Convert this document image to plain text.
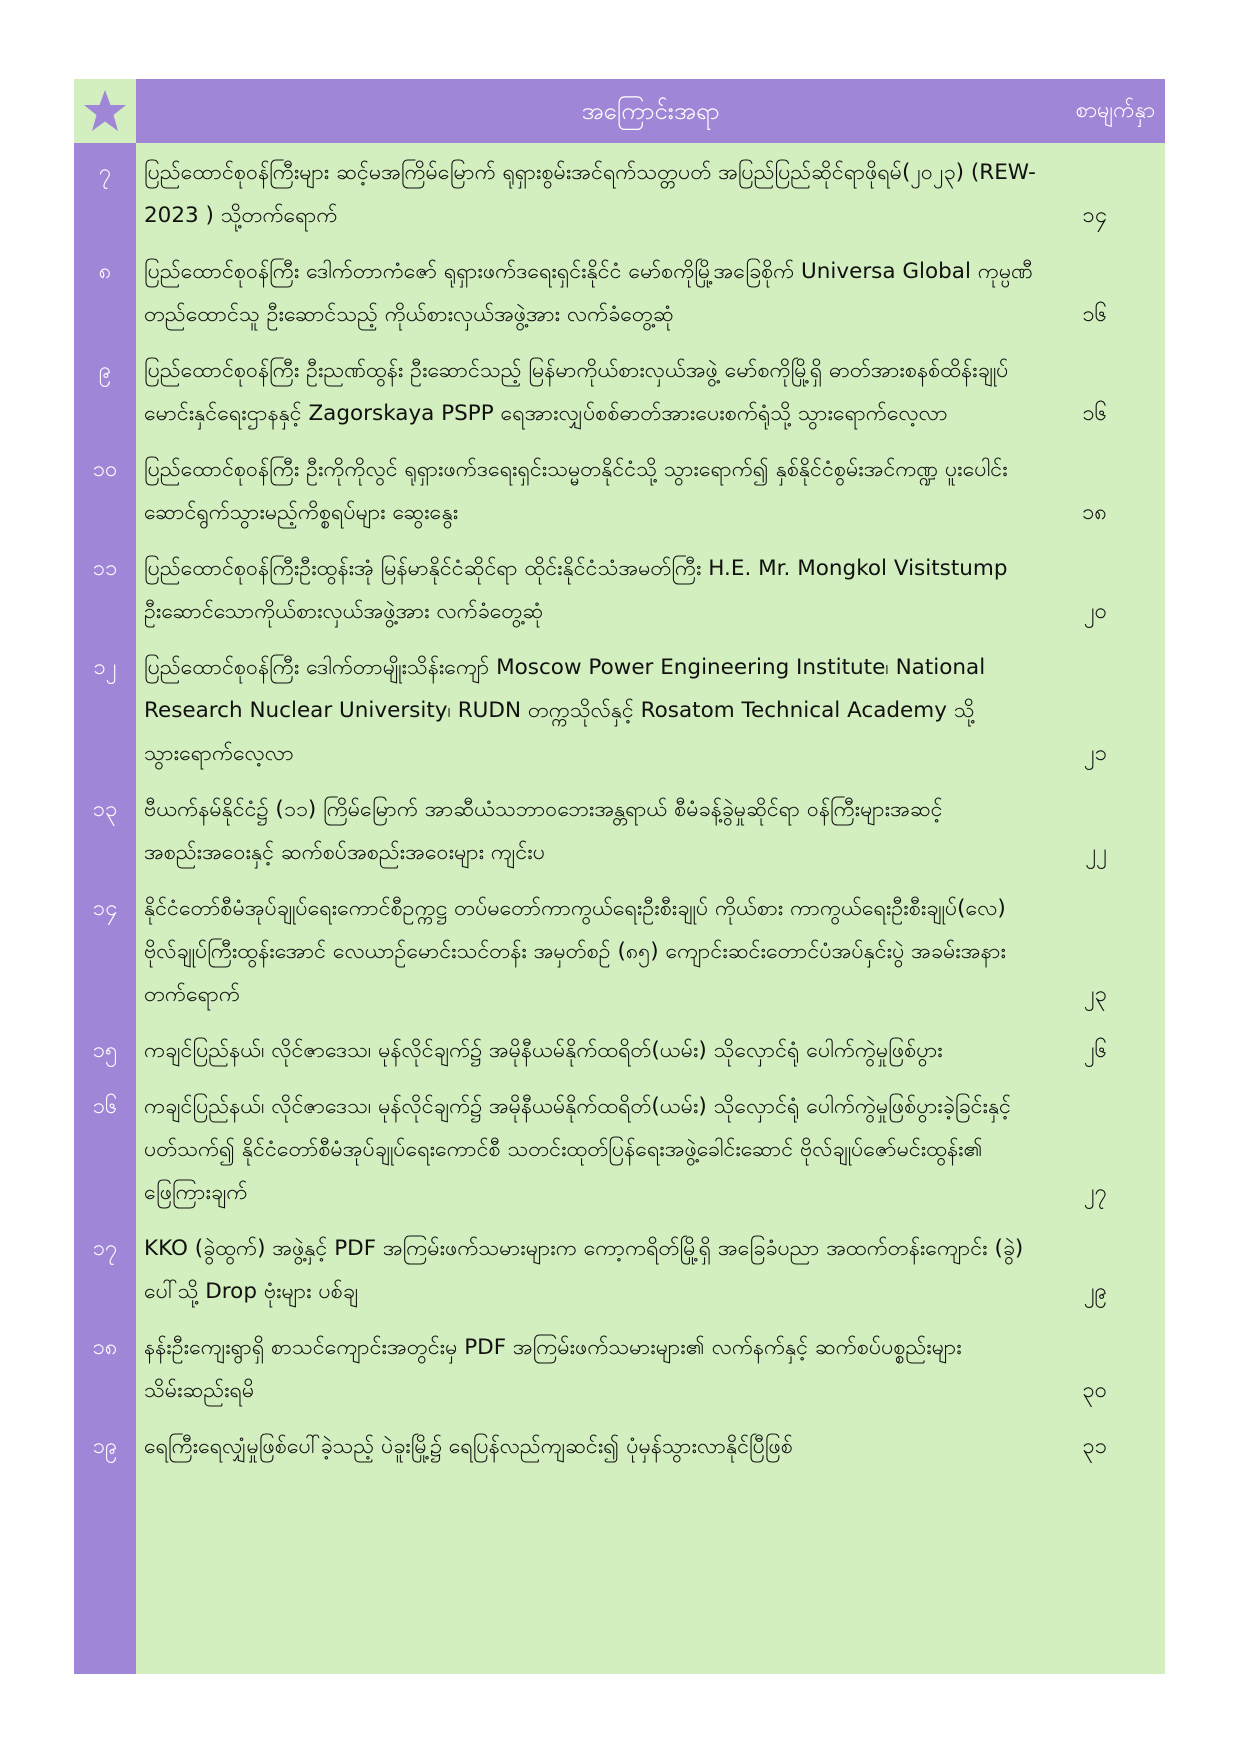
အကြောင်းအရာ	စာမျက်နှာ
၇	ပြည်ထောင်စုဝန်ကြီးများ ဆင့်မအကြိမ်မြောက် ရုရှားစွမ်းအင်ရက်သတ္တပတ် အပြည်ပြည်ဆိုင်ရာဖိုရမ်(၂၀၂၃) (REW-2023 ) သို့တက်ရောက်	၁၄
၈	ပြည်ထောင်စုဝန်ကြီး ဒေါက်တာကံဇော် ရုရှားဖက်ဒရေးရှင်းနိုင်ငံ မော်စကိုမြို့အခြေစိုက် Universa Global ကုမ္ပဏီတည်ထောင်သူ ဦးဆောင်သည့် ကိုယ်စားလှယ်အဖွဲ့အား လက်ခံတွေ့ဆုံ	၁၆
၉	ပြည်ထောင်စုဝန်ကြီး ဦးညဏ်ထွန်း ဦးဆောင်သည့် မြန်မာကိုယ်စားလှယ်အဖွဲ့ မော်စကိုမြို့ရှိ ဓာတ်အားစနစ်ထိန်းချုပ်မောင်းနှင်ရေးဌာနနှင့် Zagorskaya PSPP ရေအားလျှပ်စစ်ဓာတ်အားပေးစက်ရုံသို့ သွားရောက်လေ့လာ	၁၆
၁၀	ပြည်ထောင်စုဝန်ကြီး ဦးကိုကိုလွင် ရုရှားဖက်ဒရေးရှင်းသမ္မတနိုင်ငံသို့ သွားရောက်၍ နှစ်နိုင်ငံစွမ်းအင်ကဏ္ဍ ပူးပေါင်းဆောင်ရွက်သွားမည့်ကိစ္စရပ်များ ဆွေးနွေး	၁၈
၁၁	ပြည်ထောင်စုဝန်ကြီးဦးထွန်းအုံ မြန်မာနိုင်ငံဆိုင်ရာ ထိုင်းနိုင်ငံသံအမတ်ကြီး H.E. Mr. Mongkol Visitstump ဦးဆောင်သောကိုယ်စားလှယ်အဖွဲ့အား လက်ခံတွေ့ဆုံ	၂၀
၁၂	ပြည်ထောင်စုဝန်ကြီး ဒေါက်တာမျိုးသိန်းကျော် Moscow Power Engineering Institute၊ National Research Nuclear University၊ RUDN တက္ကသိုလ်နှင့် Rosatom Technical Academy သို့ သွားရောက်လေ့လာ	၂၁
၁၃	ဗီယက်နမ်နိုင်ငံ၌ (၁၁) ကြိမ်မြောက် အာဆီယံသဘာဝဘေးအန္တရာယ် စီမံခန့်ခွဲမှုဆိုင်ရာ ဝန်ကြီးများအဆင့်အစည်းအဝေးနှင့် ဆက်စပ်အစည်းအဝေးများ ကျင်းပ	၂၂
၁၄	နိုင်ငံတော်စီမံအုပ်ချုပ်ရေးကောင်စီဥက္ကဋ္ဌ တပ်မတော်ကာကွယ်ရေးဦးစီးချုပ် ကိုယ်စား ကာကွယ်ရေးဦးစီးချုပ်(လေ) ဗိုလ်ချုပ်ကြီးထွန်းအောင် လေယာဉ်မောင်းသင်တန်း အမှတ်စဉ် (၈၅) ကျောင်းဆင်းတောင်ပံအပ်နှင်းပွဲ အခမ်းအနား တက်ရောက်	၂၃
၁၅	ကချင်ပြည်နယ်၊ လိုင်ဇာဒေသ၊ မုန်လိုင်ချက်၌ အမိုနီယမ်နိုက်ထရိတ်(ယမ်း) သိုလှောင်ရုံ ပေါက်ကွဲမှုဖြစ်ပွား	၂၆
၁၆	ကချင်ပြည်နယ်၊ လိုင်ဇာဒေသ၊ မုန်လိုင်ချက်၌ အမိုနီယမ်နိုက်ထရိတ်(ယမ်း) သိုလှောင်ရုံ ပေါက်ကွဲမှုဖြစ်ပွားခဲ့ခြင်းနှင့်ပတ်သက်၍ နိုင်ငံတော်စီမံအုပ်ချုပ်ရေးကောင်စီ သတင်းထုတ်ပြန်ရေးအဖွဲ့ခေါင်းဆောင် ဗိုလ်ချုပ်ဇော်မင်းထွန်း၏ ဖြေကြားချက်	၂၇
၁၇	KKO (ခွဲထွက်) အဖွဲ့နှင့် PDF အကြမ်းဖက်သမားများက ကော့ကရိတ်မြို့ရှိ အခြေခံပညာ အထက်တန်းကျောင်း (ခွဲ) ပေါ်သို့ Drop ဗုံးများ ပစ်ချ	၂၉
၁၈	နန်းဦးကျေးရွာရှိ စာသင်ကျောင်းအတွင်းမှ PDF အကြမ်းဖက်သမားများ၏ လက်နက်နှင့် ဆက်စပ်ပစ္စည်းများ သိမ်းဆည်းရမိ	၃၀
၁၉	ရေကြီးရေလျှံမှုဖြစ်ပေါ်ခဲ့သည့် ပဲခူးမြို့၌ ရေပြန်လည်ကျဆင်း၍ ပုံမှန်သွားလာနိုင်ပြီဖြစ်	၃၁
